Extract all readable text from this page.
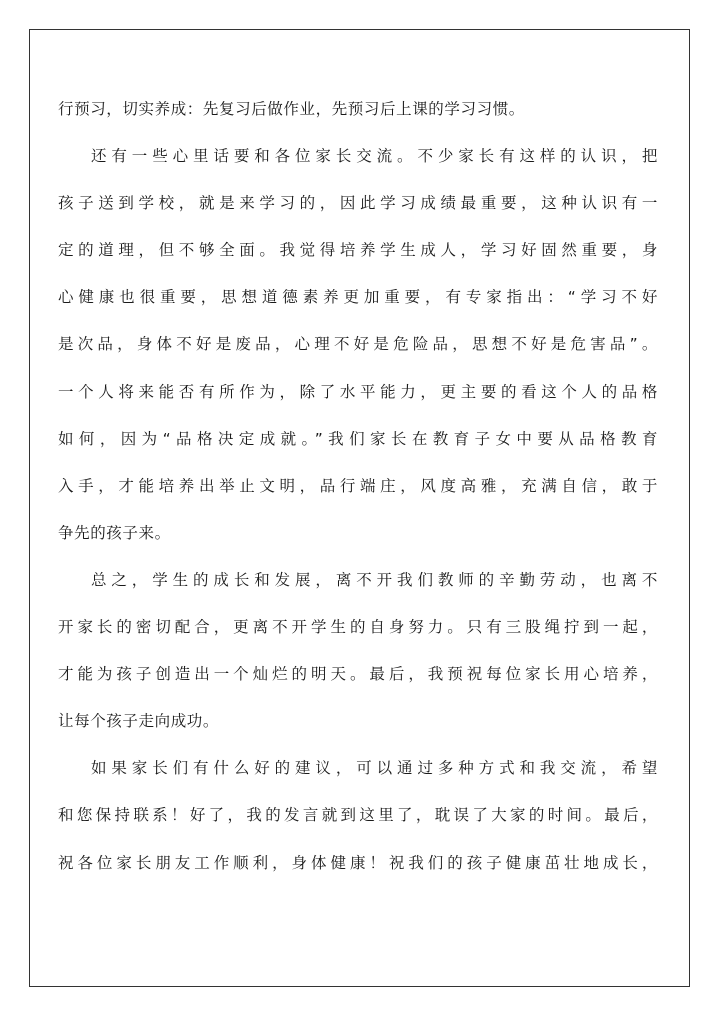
行预习，切实养成：先复习后做作业，先预习后上课的学习习惯。
还有一些心里话要和各位家长交流。不少家长有这样的认识，把
孩子送到学校，就是来学习的，因此学习成绩最重要，这种认识有一
定的道理，但不够全面。我觉得培养学生成人，学习好固然重要，身
心健康也很重要，思想道德素养更加重要，有专家指出：“学习不好
是次品，身体不好是废品，心理不好是危险品，思想不好是危害品”。
一个人将来能否有所作为，除了水平能力，更主要的看这个人的品格
如何，因为“品格决定成就。”我们家长在教育子女中要从品格教育
入手，才能培养出举止文明，品行端庄，风度高雅，充满自信，敢于
争先的孩子来。
总之，学生的成长和发展，离不开我们教师的辛勤劳动，也离不
开家长的密切配合，更离不开学生的自身努力。只有三股绳拧到一起，
才能为孩子创造出一个灿烂的明天。最后，我预祝每位家长用心培养，
让每个孩子走向成功。
如果家长们有什么好的建议，可以通过多种方式和我交流，希望
和您保持联系！好了，我的发言就到这里了，耽误了大家的时间。最后，
祝各位家长朋友工作顺利，身体健康！祝我们的孩子健康茁壮地成长，
